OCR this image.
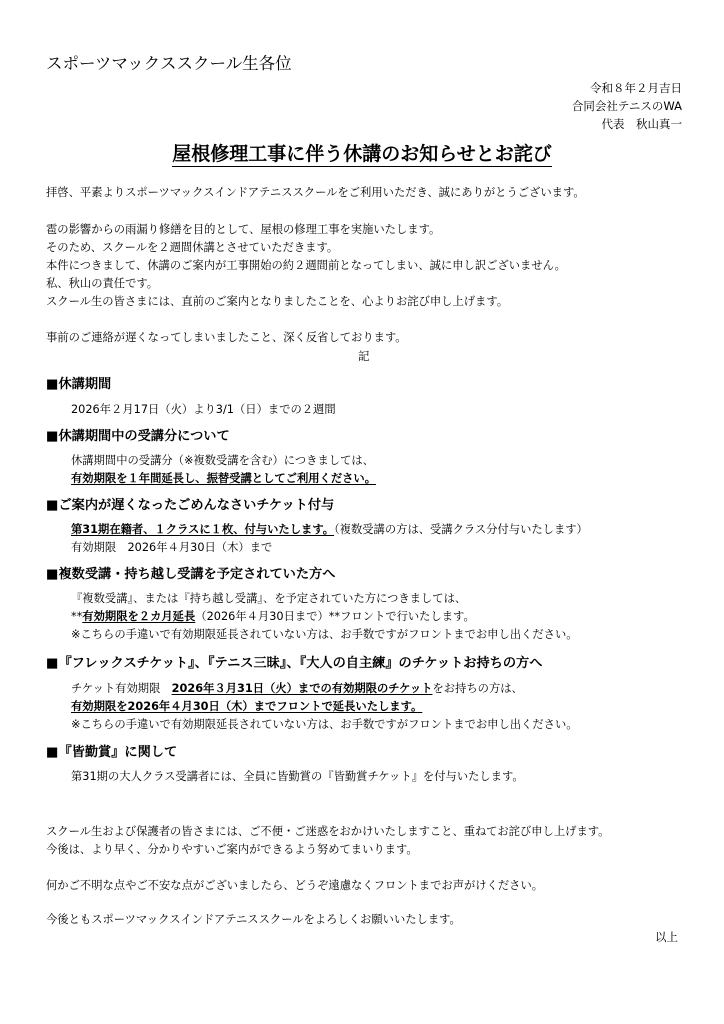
スポーツマックススクール生各位
令和８年２月吉日
合同会社テニスのWA
代表　秋山真一
屋根修理工事に伴う休講のお知らせとお詫び
拝啓、平素よりスポーツマックスインドアテニススクールをご利用いただき、誠にありがとうございます。
雹の影響からの雨漏り修繕を目的として、屋根の修理工事を実施いたします。
そのため、スクールを２週間休講とさせていただきます。
本件につきまして、休講のご案内が工事開始の約２週間前となってしまい、誠に申し訳ございません。
私、秋山の責任です。
スクール生の皆さまには、直前のご案内となりましたことを、心よりお詫び申し上げます。
事前のご連絡が遅くなってしまいましたこと、深く反省しております。
記
■休講期間
2026年２月17日（火）より3/1（日）までの２週間
■休講期間中の受講分について
休講期間中の受講分（※複数受講を含む）につきましては、
有効期限を１年間延長し、振替受講としてご利用ください。
■ご案内が遅くなったごめんなさいチケット付与
第31期在籍者、１クラスに１枚、付与いたします。（複数受講の方は、受講クラス分付与いたします）
有効期限　2026年４月30日（木）まで
■複数受講・持ち越し受講を予定されていた方へ
『複数受講』、または『持ち越し受講』、を予定されていた方につきましては、
**有効期限を２カ月延長（2026年４月30日まで）**フロントで行いたします。
※こちらの手違いで有効期限延長されていない方は、お手数ですがフロントまでお申し出ください。
■『フレックスチケット』、『テニス三昧』、『大人の自主練』のチケットお持ちの方へ
チケット有効期限　2026年３月31日（火）までの有効期限のチケットをお持ちの方は、
有効期限を2026年４月30日（木）までフロントで延長いたします。
※こちらの手違いで有効期限延長されていない方は、お手数ですがフロントまでお申し出ください。
■『皆勤賞』に関して
第31期の大人クラス受講者には、全員に皆勤賞の『皆勤賞チケット』を付与いたします。
スクール生および保護者の皆さまには、ご不便・ご迷惑をおかけいたしますこと、重ねてお詫び申し上げます。
今後は、より早く、分かりやすいご案内ができるよう努めてまいります。
何かご不明な点やご不安な点がございましたら、どうぞ遠慮なくフロントまでお声がけください。
今後ともスポーツマックスインドアテニススクールをよろしくお願いいたします。
以上
